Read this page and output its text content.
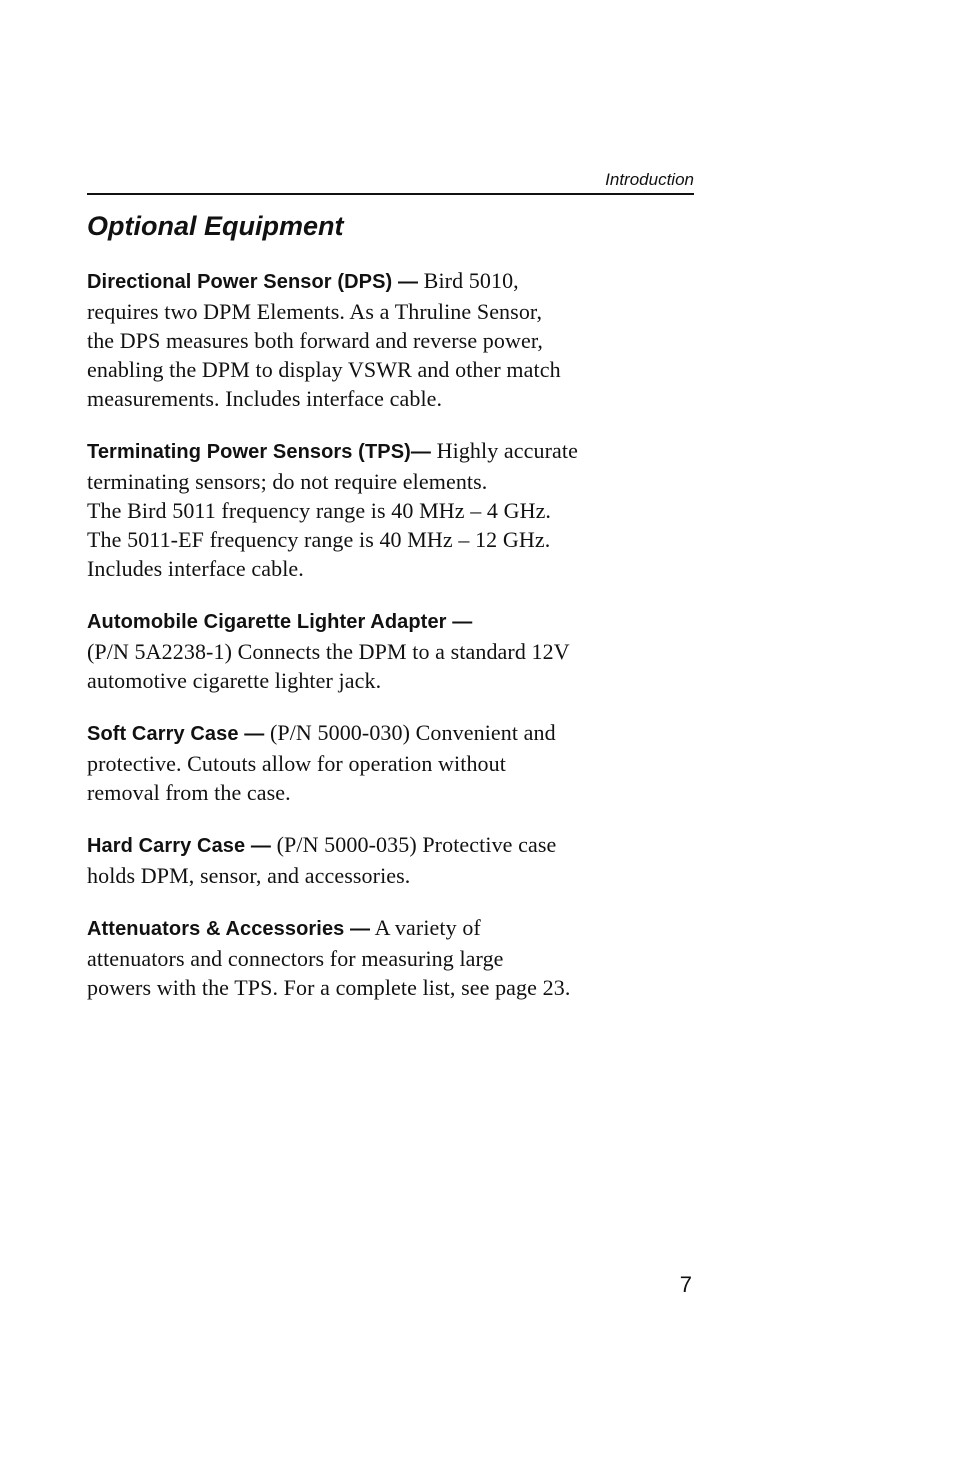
Introduction
Optional Equipment

Directional Power Sensor (DPS) — Bird 5010,
requires two DPM Elements. As a Thruline Sensor,
the DPS measures both forward and reverse power,
enabling the DPM to display VSWR and other match
measurements. Includes interface cable.

Terminating Power Sensors (TPS)— Highly accurate
terminating sensors; do not require elements.
The Bird 5011 frequency range is 40 MHz – 4 GHz.
The 5011-EF frequency range is 40 MHz – 12 GHz.
Includes interface cable.

Automobile Cigarette Lighter Adapter —
(P/N 5A2238-1) Connects the DPM to a standard 12V
automotive cigarette lighter jack.

Soft Carry Case — (P/N 5000-030) Convenient and
protective. Cutouts allow for operation without
removal from the case.

Hard Carry Case — (P/N 5000-035) Protective case
holds DPM, sensor, and accessories.

Attenuators & Accessories — A variety of
attenuators and connectors for measuring large
powers with the TPS. For a complete list, see page 23.

7
